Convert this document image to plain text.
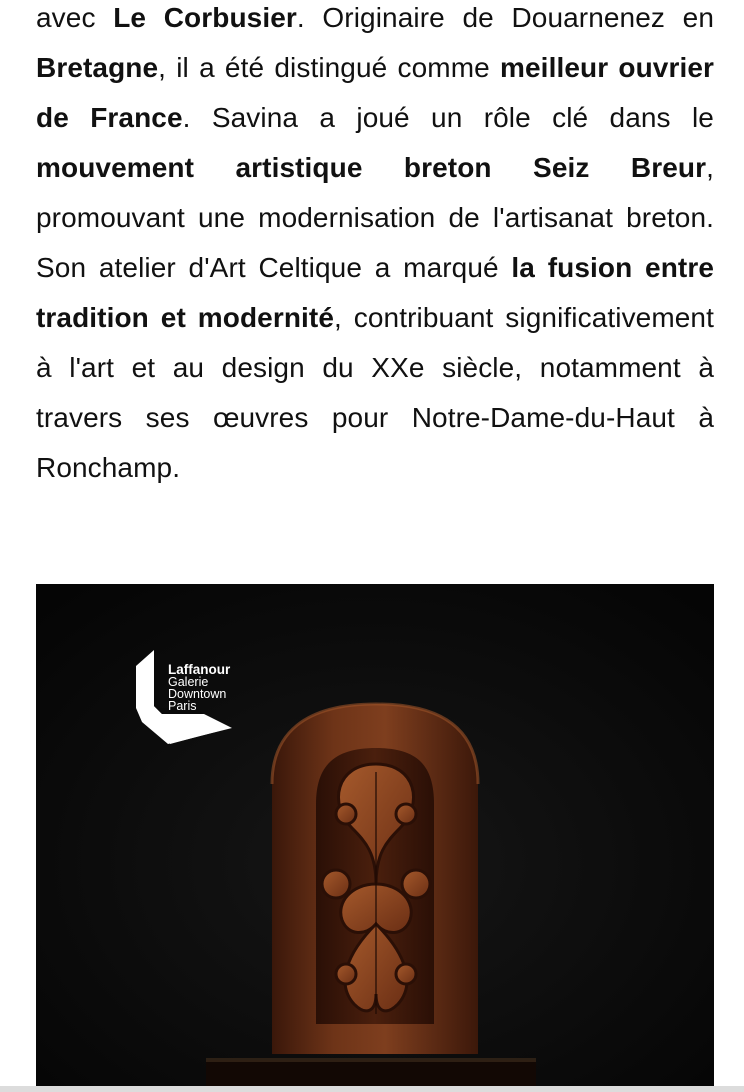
avec Le Corbusier. Originaire de Douarnenez en Bretagne, il a été distingué comme meilleur ouvrier de France. Savina a joué un rôle clé dans le mouvement artistique breton Seiz Breur, promouvant une modernisation de l'artisanat breton. Son atelier d'Art Celtique a marqué la fusion entre tradition et modernité, contribuant significativement à l'art et au design du XXe siècle, notamment à travers ses œuvres pour Notre-Dame-du-Haut à Ronchamp.

Laffanour
Galerie
Downtown
Paris
